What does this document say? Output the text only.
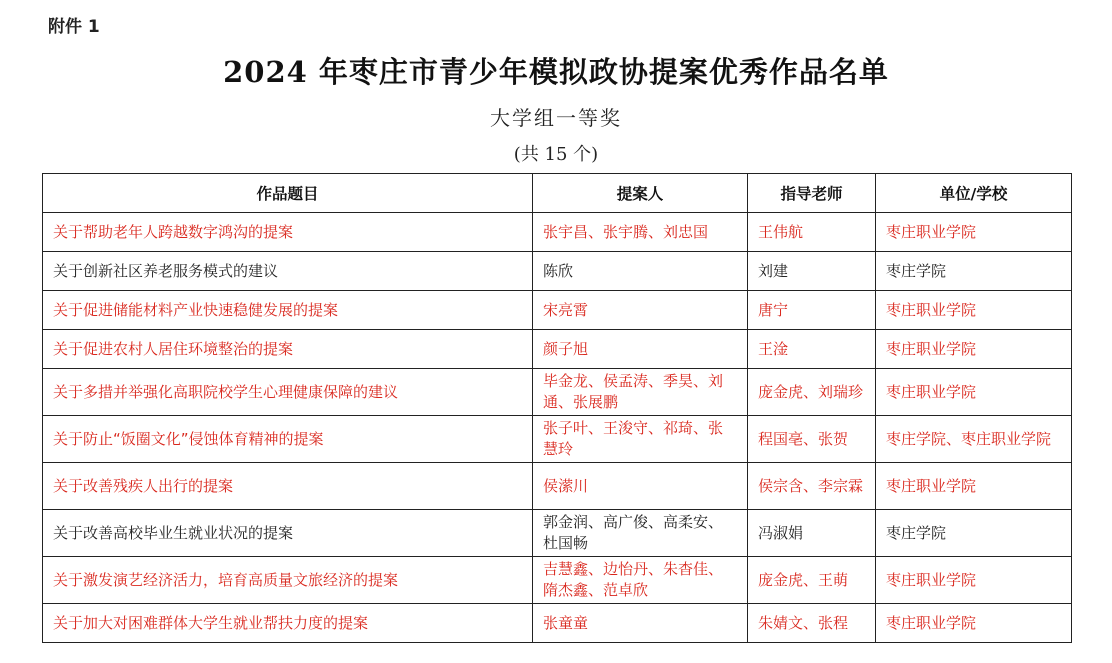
附件 1
2024 年枣庄市青少年模拟政协提案优秀作品名单
大学组一等奖
(共 15 个)
作品题目	提案人	指导老师	单位/学校
关于帮助老年人跨越数字鸿沟的提案	张宇昌、张宇腾、刘忠国	王伟航	枣庄职业学院
关于创新社区养老服务模式的建议	陈欣	刘建	枣庄学院
关于促进储能材料产业快速稳健发展的提案	宋亮霄	唐宁	枣庄职业学院
关于促进农村人居住环境整治的提案	颜子旭	王淦	枣庄职业学院
关于多措并举强化高职院校学生心理健康保障的建议	毕金龙、侯孟涛、季昊、刘通、张展鹏	庞金虎、刘瑞珍	枣庄职业学院
关于防止“饭圈文化”侵蚀体育精神的提案	张子叶、王浚守、祁琦、张慧玲	程国亳、张贺	枣庄学院、枣庄职业学院
关于改善残疾人出行的提案	侯潆川	侯宗含、李宗霖	枣庄职业学院
关于改善高校毕业生就业状况的提案	郭金润、高广俊、高柔安、杜国畅	冯淑娟	枣庄学院
关于激发演艺经济活力，培育高质量文旅经济的提案	吉慧鑫、边怡丹、朱杳佳、隋杰鑫、范卓欣	庞金虎、王萌	枣庄职业学院
关于加大对困难群体大学生就业帮扶力度的提案	张童童	朱婧文、张程	枣庄职业学院
